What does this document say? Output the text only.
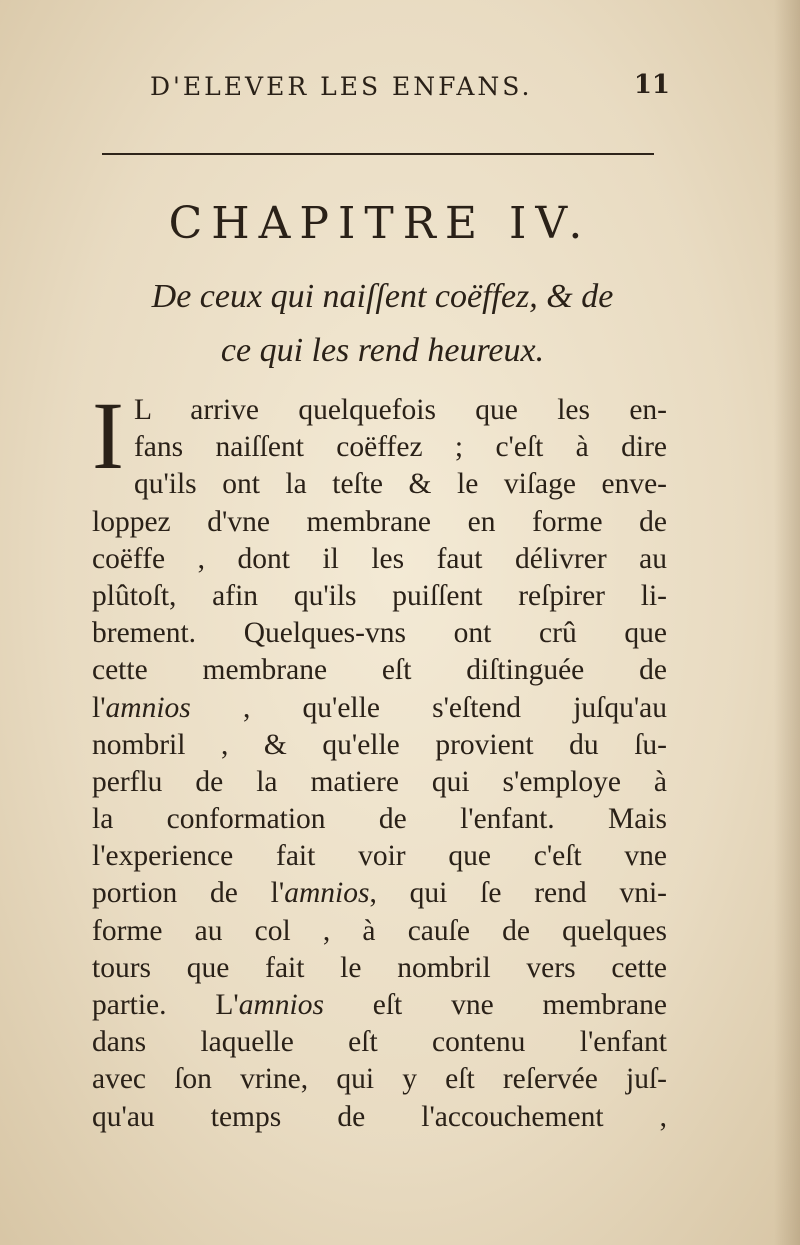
D'ELEVER LES ENFANS.	11
CHAPITRE IV.
De ceux qui naiſſent coëffez, & de
ce qui les rend heureux.
I L arrive quelquefois que les en-
fans naiſſent coëffez ; c'eſt à dire
qu'ils ont la teſte & le viſage enve-
loppez d'vne membrane en forme de
coëffe , dont il les faut délivrer au
plûtoſt, afin qu'ils puiſſent reſpirer li-
brement. Quelques-vns ont crû que
cette membrane eſt diſtinguée de
l'amnios , qu'elle s'eſtend juſqu'au
nombril , & qu'elle provient du ſu-
perflu de la matiere qui s'employe à
la conformation de l'enfant. Mais
l'experience fait voir que c'eſt vne
portion de l'amnios, qui ſe rend vni-
forme au col , à cauſe de quelques
tours que fait le nombril vers cette
partie. L'amnios eſt vne membrane
dans laquelle eſt contenu l'enfant
avec ſon vrine, qui y eſt reſervée juſ-
qu'au temps de l'accouchement ,
